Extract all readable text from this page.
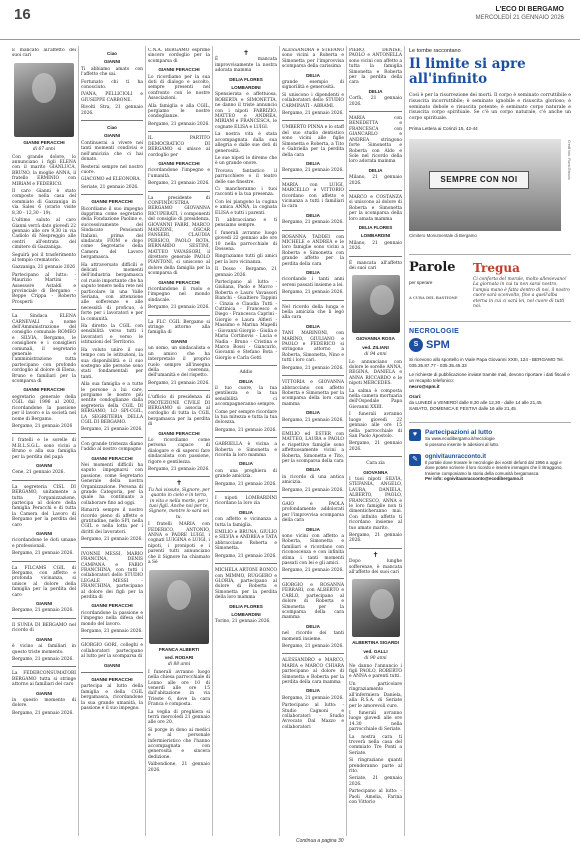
16	L'ECO DI BERGAMO
MERCOLEDÌ 21 GENNAIO 2026

È mancato all'affetto dei suoi cari

GIANNI PERACCHI

di 67 anni

Con grande dolore, lo annunciano i figli ELENA con il marito GIANLUCA, BRUNO, la moglie ANNA, il fratello ERMINIO con MIRIAM e FEDERICO.

Il caro Gianni è stato composto nella casa del commiato di Gazzaniga in via Sales 6 (orario visite 8,30 - 12,30 - 19).

L'ultimo saluto al caro Gianni verrà dato giovedì 22 gennaio alle ore 9,30 in via Cadiolo di Nespreggio alle centri all'entrata del cimitero di Gazzaniga.

Seguirà poi il trasferimento al tempio crematorio.

Gazzaniga, 21 gennaio 2026

Partecipano al lutto: - Maurizio Martini - Assessore Astaldi e provinciale di Bergamo - Beppe Crippa - Roberto Prosperti

La Sindaca ELENA CARNEVALI a nome dell'Amministrazione del consiglio comunale ROMEO e SILVIA, Bergamo, le consigliere e i consiglieri comunali, il segretario generale e l'amministrazione tutta partecipano con profondo cordoglio al dolore di Elena, Bruno e familiari per la scomparsa di

GIANNI PERACCHI

segretario generale della CGIL dal 1996 al 2002, ricordandone la passione per il lavoro e la società nel nome di Bergamo.

Bergamo, 21 gennaio 2026

I fratelli e le sorelle di M.B.L.S.G.L. sono vicini a Bruno e alla sua famiglia per la perdita del papà

GIANNI

Cene, 21 gennaio 2026.

La segreteria CISL DI BERGAMO, unitamente a tutta l'organizzazione, partecipa al dolore della famiglia Peracchi e di tutta la Camera del Lavoro di Bergamo per la perdita del caro

GIANNI

ricordandone le doti umane e professionali.

Bergamo, 21 gennaio 2026.

La FILCAMS CGIL di Bergamo, con affetto e profonda vicinanza, si unisce al dolore della famiglia per la perdita del caro

GIANNI

Bergamo, 21 gennaio 2026.

Il SUNIA DI BERGAMO nel ricordo di

GIANNI

è vicino ai familiari in questo triste momento.

Bergamo, 21 gennaio 2026.

La FEDERCONSUMATORI BERGAMO tutta si stringe attorno ai familiari del caro

GIANNI

in questo momento di dolore.

Bergamo, 21 gennaio 2026.

Ciao
GIANNI

Ti abbiamo amato con l'affetto che sai.

Fortunato chi ti ha conosciuto.

IVANA, PELLICIOLI e GIUSEPPE CARBONE.

Rivolti Stra, 21 gennaio 2026.

Ciao
GIANNI

Continuerai a vivere nei tanti momenti condivisi e nell'amicizia che ci hai donato.

Resterai sempre nel nostro cuore.

GIACOMO ed ELEONORA.

Seriate, 21 gennaio 2026.

GIANNI PERACCHI

Ricordiamo il suo impegno dapprima come segretario della Fondazione Paolino e, successivamente del Sindacato Pensionati Italiani, prima del sindacato FIOM e dopo come Segretario della Camera del Lavoro bergamasca.

Ha attraversato difficili e delicati momenti dell'industria bergamasca col ruolo importante che ha saputo tenere nella rete nel particolare in una Valle Seriana, con attenzione alle sofferenze e alle necessità di proficuo, è forte per i lavoratori e per la comunità.

Ha diretto la CGIL con sensibilità verso tutti i lavoratori e verso le istituzioni del Territorio.

Ha voluto unire il suo tempo con le istituzioni, la sua disponibilità e il suo sostegno alle persone sono stati fondamentali per tanti.

Alla sua famiglia e a tutte le persone a lui care, porgiamo le nostre più sentite condoglianze dalla segreteria della CGIL DI BERGAMO, LO SPI-CGIL, LA SEGRETERIA DELLA CGIL DI BERGAMO.

Bergamo, 21 gennaio 2026.

Con grande tristezza diamo l'addio al nostro compagno

GIANNI PERACCHI

Nei momenti difficili ha saputo impegnarsi con passione, come Segretario Generale della nostra Organizzazione. Persona di grande Categoria, per la quale ha continuato a collaborare fino ad oggi.

Rimarrà sempre il nostro ricordo pieno di affetto e gratitudine, nello SPI, nella CGIL e nella lotta per i diritti dei lavoratori.

Bergamo, 21 gennaio 2026.

IVONNE MESSI, MARIO FRANCINA, DENIS CAMPANA e FABIO FRANCHINA, con tutti i collaboratori dello STUDIO LEGALE MESSI - FRANCHINA, partecipano al dolore dei figli per la perdita di

GIANNI PERACCHI

ricordandone la passione e l'impegno nella difesa del mondo del lavoro.

Bergamo, 21 gennaio 2026.

GIORGIO GORI, colleghi e collaboratori partecipano al lutto per la scomparsa di

GIANNI
GIANNI PERACCHI

partecipa al lutto della famiglia e della CGIL bergamasca, ricordandone la sua grande umanità, la passione e il suo impegno.

C.N.A. BERGAMO esprime sincero cordoglio per la scomparsa di

GIANNI PERACCHI

Lo ricordiamo per la sua doti di dialogo e ascolto, sempre presenti nel confronto con le nostre Associazioni.

Alla famiglia e alla CGIL, porgiamo le nostre condoglianze.

Bergamo, 21 gennaio 2026.

IL PARTITO DEMOCRATICO DI BERGAMO si unisce al cordoglio per

GIANNI PERACCHI

ricordandone l'impegno e l'umanità.

Bergamo, 21 gennaio 2026.

La presidente di CONFINDUSTRIA BERGAMO GIOVANNA RICUPERATI, i componenti del consiglio di presidenza, GIOVANNI FABRI, MARCO MANZONI, OSCAR FANSERI, CLAUDIA PERSICO, PAOLO ROTA, BERNARDO SESTINI, MATTEO VAVASSORI, il direttore generale PAOLO PIANTONI, si uniscono al dolore della famiglia per la scomparsa di

GIANNI PERACCHI

ricordandone il ruolo e l'impegno nel mondo sindacale.

Bergamo, 21 gennaio 2026.

La FLC CGIL Bergamo si stringe attorno alla famiglia di

GIANNI

un uomo, un sindacalista e un amico che ha interpretato il proprio ruolo sempre all'insegna della coerenza, dell'umanità e del rispetto.

Bergamo, 21 gennaio 2026.

L'ufficio di presidenza di PROTEZIONE CIVILE DI BERGAMO si associa al cordoglio di tutta la CGIL bergamasca per la perdita di

GIANNI PERACCHI

Lo ricordiamo come persona capace di dialogare e di sapersi fare sindacalista con passione, rigore e gentilezza.

Bergamo, 21 gennaio 2026.

✝

Tu hai vissuto, Signore, per quanto in cielo e in terra, in vita e nella morte, per i tuoi figli. Anche noi per te, Signore, mentre lo sarà sei tu.

I fratelli MARIA con FEDERICO, ANTONIO, ANNA e PADRE LUIGI, i cognati LUIGINA e LUIGI, i nipoti, i pronipoti e i parenti tutti annunciano che il Signore ha chiamato a Sé

FRANCA ALBERTI
ved. RODARI

di 88 anni

I funerali avranno luogo nella chiesa parrocchiale di Lonno alle ore 10 di venerdì alle ore 15 dall'abitazione in via Trieste 6, dove la cara Franca è composta.

La veglia di preghiera si terrà mercoledì 21 gennaio alle ore 20.

Si porge in dono ai medici e al personale infermieristico che l'hanno accompagnata con generosità e sincera dedizione.

Valbondione, 21 gennaio 2026.

✝

È mancata improvvisamente la nostra adorata mamma

DELIA FLORES
LOMBARDINI

Spensierata e affettuosa, ROBERTA e SIMONETTA, ne danno il triste annuncio con i nipoti FABRIZIO, MATTEO e ANDREA, MIRIAM e FRANCESCA, le cognate ELISA e LUIGI.

La nostra vita è stata accompagnata dalla sua allegria e dalle sue doti di generosità.

Le sue nipoti le diremo che è un grande onore.

Trovava fantastico il parrucchiere o il teatro delle sue finestre.

Ci mancheranno i tuoi racconti e la tua presenza.

Con lei piangono la cugina e amica ANNA, la cognata ELISA e tutti i parenti.

Ti abbracciamo e ti pensiamo sempre.

I funerali avranno luogo giovedì 22 gennaio alle ore 10 nella parrocchiale di Dossena.

Ringraziamo tutti gli amici per la loro vicinanza.

Il Dosso - Bergamo, 21 gennaio 2026.

Partecipano al lutto: - Giuliana, Paolo e Marco - Roberta e Lauro Vavassori Bianchi - Gualtiero Tappini - Cinzia e Claudia Tutti - Cuttinica - Francesco e Diego - Francesca Caprini - Giorgio e Laura Alfieri - Massimo e Marina Mapelli - Giovanni Giorgio - Giulia e Maria Cortinovis - Lucia e Nadia - Bruno - Cristina e Marco Bossi - Giancarlo, Giovanni e Stefano Bota - Giorgio e Carla Gotti

Addio

DELIA

il tuo cuore, la tua gentilezza e la tua sensibilità ci accompagneranno sempre.

Come per sempre ricordare la tua mitezza e tutta la tua dolcezza.

Bergamo, 21 gennaio 2026.

GABRIELLA è vicina a Roberta e Simonetta e ricorda la loro mamma

DELIA

con una preghiera di grande amicizia.

Bergamo, 21 gennaio 2026.

I nipoti LOMBARDINI ricordano la loro zia

DELIA

con affetto e vicinanza a tutta la famiglia.

EMILIO e BRUNA, GIULIO e SILVIA e ANDREA e TATA abbracciano Roberta e Simonetta.

Bergamo, 21 gennaio 2026.

MICHELA ARTONI BONCO con MIMMO, RUGGERO e GLORIA, partecipano al dolore di Roberta e Simonetta per la perdita della loro mamma

DELIA FLORES
LOMBARDINI

Torino, 21 gennaio 2026.

ALESSANDRA e STEFANO sono vicini a Roberta e Simonetta per l'improvvisa scomparsa della carissima

DELIA

grande esempio di signorilità e generosità.

Si uniscono i dipendenti e collaboratori dello STUDIO CARMINATI - ABRAMI.

Bergamo, 21 gennaio 2026.

UMBERTO PINNA e lo staff del suo studio dentistico sono vicini alle figlie Simonetta e Roberta, a Tito e Gabriella per la perdita della cara

DELIA

Bergamo, 21 gennaio 2026.

MARIA con LUIGI, MARCELLO e VITTORIO ricordano con affetto e vicinanza a tutti i familiari la cara

DELIA

Bergamo, 21 gennaio 2026.

ROSANNA TADDEI con MICHELE e ANDREA e le loro famiglie sono vicini a Roberta e Simonetta con grande affetto per la perdita della cara

DELIA

ricordando i tanti anni sereni passati insieme a lei.

Bergamo, 21 gennaio 2026.

Nel ricordo della lunga e bella amicizia che li legò alla cara

DELIA

TANI MARINONI, con MARINO, GIULIANO e PAOLO e FEDERICO si stringono attorno a Roberta, Simonetta, Nino e tutti i loro cari.

Bergamo, 21 gennaio 2026.

VITTORIA e GIOVANNA abbracciano con affetto Roberta e Simonetta per la scomparsa della loro cara mamma

DELIA

Bergamo, 21 gennaio 2026.

EMILIO ed ESTER con MATTEO, LAURA e PAOLO e rispettive famiglie sono affettuosamente vicini a Roberta, Simonetta e Tito, per la scomparsa della cara

DELIA

in ricordo di una antica amicizia.

Bergamo, 21 gennaio 2026.

GAIO e PAOLA profondamente addolorati per l'improvvisa scomparsa della cara

DELIA

sono vicini con affetto a Roberta, Simonetta e familiari e ricordano con riconoscenza e con infinita stima i tanti momenti passati con lei e gli amici.

Bergamo, 21 gennaio 2026.

GIORGIO e ROSANNA FERRARI, con ALBERTO e CARLO, partecipano al dolore di Roberta e Simonetta per la scomparsa della cara mamma

DELIA

nel ricordo dei tanti momenti insieme.

Bergamo, 21 gennaio 2026.

ALESSANDRO e MARCO, MARIA e MARCO CHIARA partecipano al dolore di Simonetta e Roberta per la perdita della cara mamma

DELIA

Bergamo, 21 gennaio 2026.

Partecipano al lutto: - Studio Cagnoni e collaboratori - Studio Avvocato Dal Mazzo e collaboratori

PIERO, DENISE, PAOLO e ANTONELLA sono vicini con affetto a tutta la famiglia Simonetta e Roberta per la perdita della cara

DELIA

Corfù, 21 gennaio 2026.

MARIA con BENEDETTA e FRANCESCA con GIANCARLO e ANDREA stringono forte Simonetta e Roberta con Aldo e Sole nel ricordo della loro adorata mamma

DELIA

Milano, 21 gennaio 2026.

MARCO e COSTANZA si uniscono al dolore di Roberta e Simonetta per la scomparsa della loro amata mamma

DELIA FLORES
LOMBARDINI

Milano, 21 gennaio 2026.

È mancata all'affetto dei suoi cari

GIOVANNA ROSA
ved. ZILIANI

di 94 anni

Lo annunciano con dolore le sorelle ANNA, REGINA, DANIELA e ANNA RICCARDO e le nipoti MERCEDES.

La salma è composta nella camera mortuaria dell'Ospedale Papa Giovanni XXIII.

I funerali avranno luogo giovedì 22 gennaio alle ore 15 nella parrocchiale di San Paolo Apostolo.

Bergamo, 21 gennaio 2026.

Cara zia

GIOVANNA

I tuoi nipoti SILVIA, STEFANIA, ANGELO, LAURA, DANIELA, ALBERTO, PAOLO, FRANCESCO, ANNA e le loro famiglie non ti dimenticheranno mai. Con infinito affetto ti ricordano insieme al tuo amato marito.

Bergamo, 21 gennaio 2026.

✝

Dopo lunghe sofferenze, è mancata all'affetto dei suoi cari

ALBERTINA SIGARDI
ved. GALLI

di 90 anni

Ne danno l'annuncio i figli PAOLO, ROBERTO e ANNA e parenti tutti.

Un particolare ringraziamento all'infermiera Daniela, alla R.S.A. di Seriate per le amorevoli cure.

I funerali avranno luogo giovedì alle ore 14.30 nella parrocchiale di Seriate.

La nostra cara ti troverà nella casa del commiato Tre Ponti a Seriate.

Si ringraziano quanti prenderanno parte al rito.

Seriate, 21 gennaio 2026.

Partecipano al lutto: - Paoli Amelia, Farina con Vittorio

Le tombe raccontano
Il limite si apre all'infinito
Così è per la risurrezione dei morti. Il corpo è seminato corruttibile e risuscita incorruttibile; è seminato ignobile e risuscita glorioso; è seminato debole e risuscita potente; è seminato corpo naturale e risuscita corpo spirituale. Se c'è un corpo naturale, c'è anche un corpo spirituale.
Prima Lettera ai Corinzi 15, 42-44
SEMPRE CON NOI	Credit foto: Flavio Bissolo
Cimitero Monumentale di Bergamo
Parole
per sperare
A CURA DEL BASTIONE
Tregua
Ci conforta del morale, molto allevievano! La giornata in cui tu non sarai nostro, l'ampia mano è fatta dentro di noi, il nostro cuore sarà sconvolto, fino a quell'alba eterna in cui ci sarà lei, nel cuore di tutti noi.
NECROLOGIE
S SPM
Si ricevono allo sportello in Viale Papa Giovanni XXIII, 124 - BERGAMO Tel. 035.35.87.77 - 035.35.45.33
Le richieste di pubblicazione inviate tramite mail, devono riportare i dati fiscali e un recapito telefonico:
necro@spm.it
Orari:
da LUNEDÌ a VENERDÌ dalle 8,30 alle 12,30 - dalle 14 alle 21,45
SABATO, DOMENICA E FESTIVI dalle 16 alle 21,45
♥	Partecipazioni al lutto
Su www.ecodibergamo.it/necrologie
si possono inserire le adesioni al lutto.
✎	ognivitaunracconto.it
Il portale dove trovare le necrologie dei vostri defunti dal 1956 a oggi e dove potete scrivere il loro ricordo e inserire immagini che li ritraggono. Insieme componiamo la storia della comunità bergamasca.
Per info: ognivitaunracconto@ecodibergamo.it
Continua a pagina 30
